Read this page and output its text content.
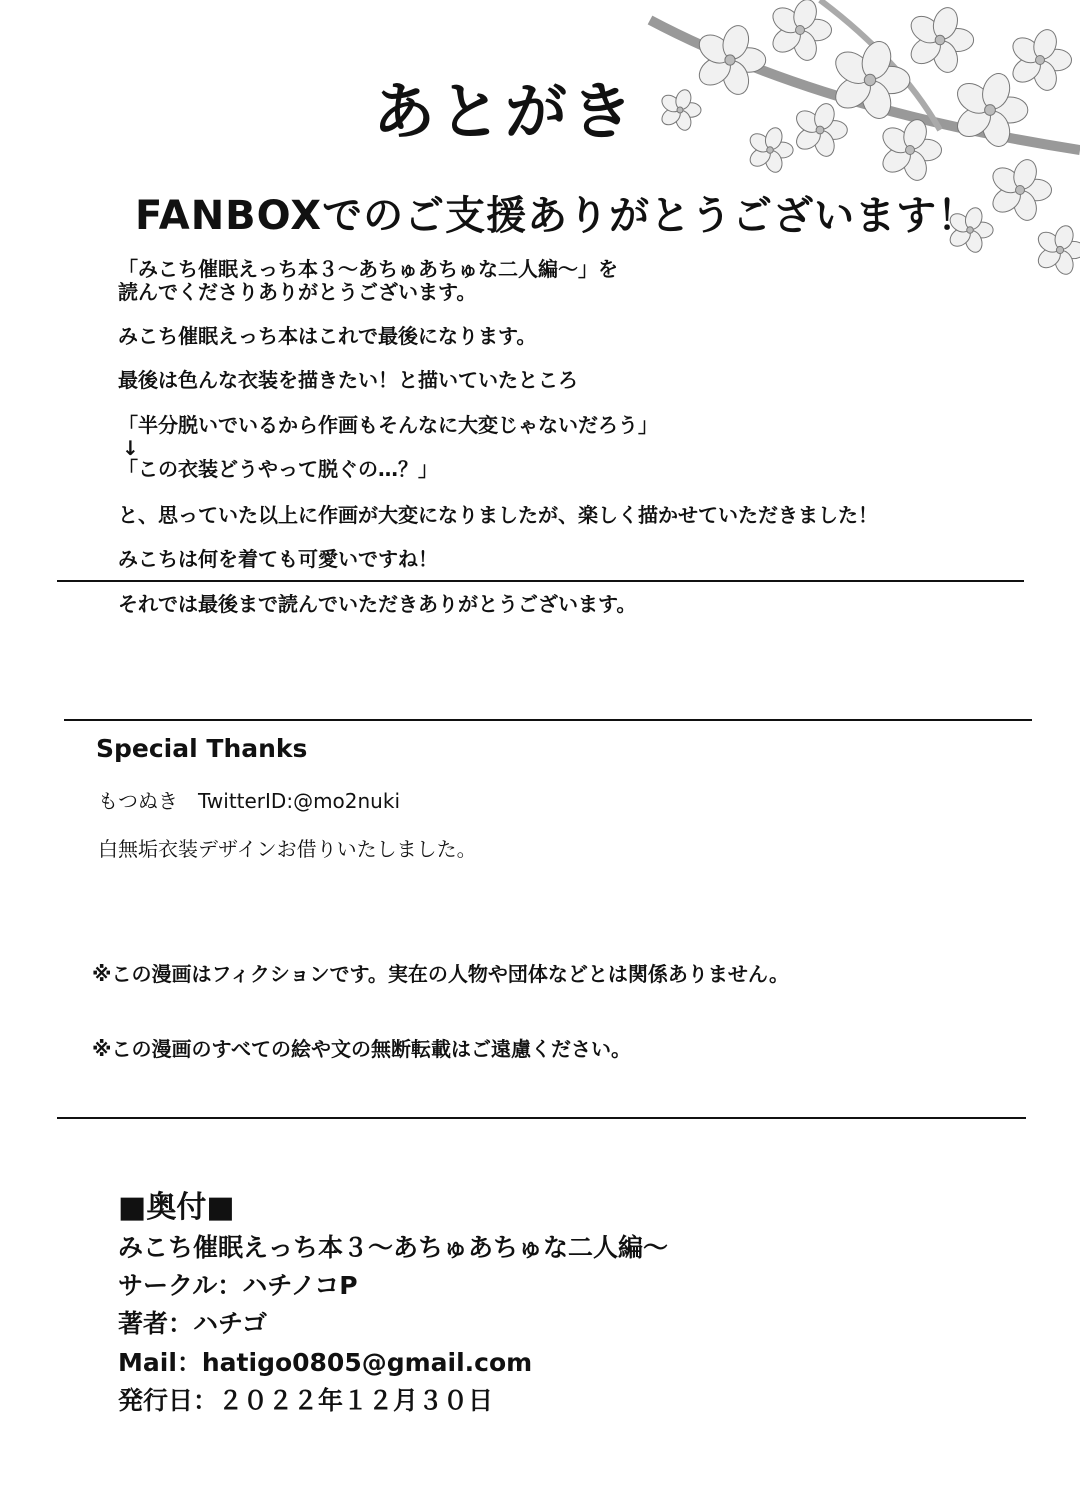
あとがき
FANBOXでのご支援ありがとうございます！
「みこち催眠えっち本３～あちゅあちゅな二人編～」を
読んでくださりありがとうございます。
みこち催眠えっち本はこれで最後になります。
最後は色んな衣装を描きたい！と描いていたところ
「半分脱いでいるから作画もそんなに大変じゃないだろう」
↓
「この衣装どうやって脱ぐの…？」
と、思っていた以上に作画が大変になりましたが、楽しく描かせていただきました！
みこちは何を着ても可愛いですね！
それでは最後まで読んでいただきありがとうございます。
Special Thanks
もつぬき　TwitterID:@mo2nuki
白無垢衣装デザインお借りいたしました。
※この漫画はフィクションです。実在の人物や団体などとは関係ありません。
※この漫画のすべての絵や文の無断転載はご遠慮ください。
■奥付■
みこち催眠えっち本３～あちゅあちゅな二人編～
サークル：ハチノコP
著者：ハチゴ
Mail：hatigo0805@gmail.com
発行日：２０２２年１２月３０日
